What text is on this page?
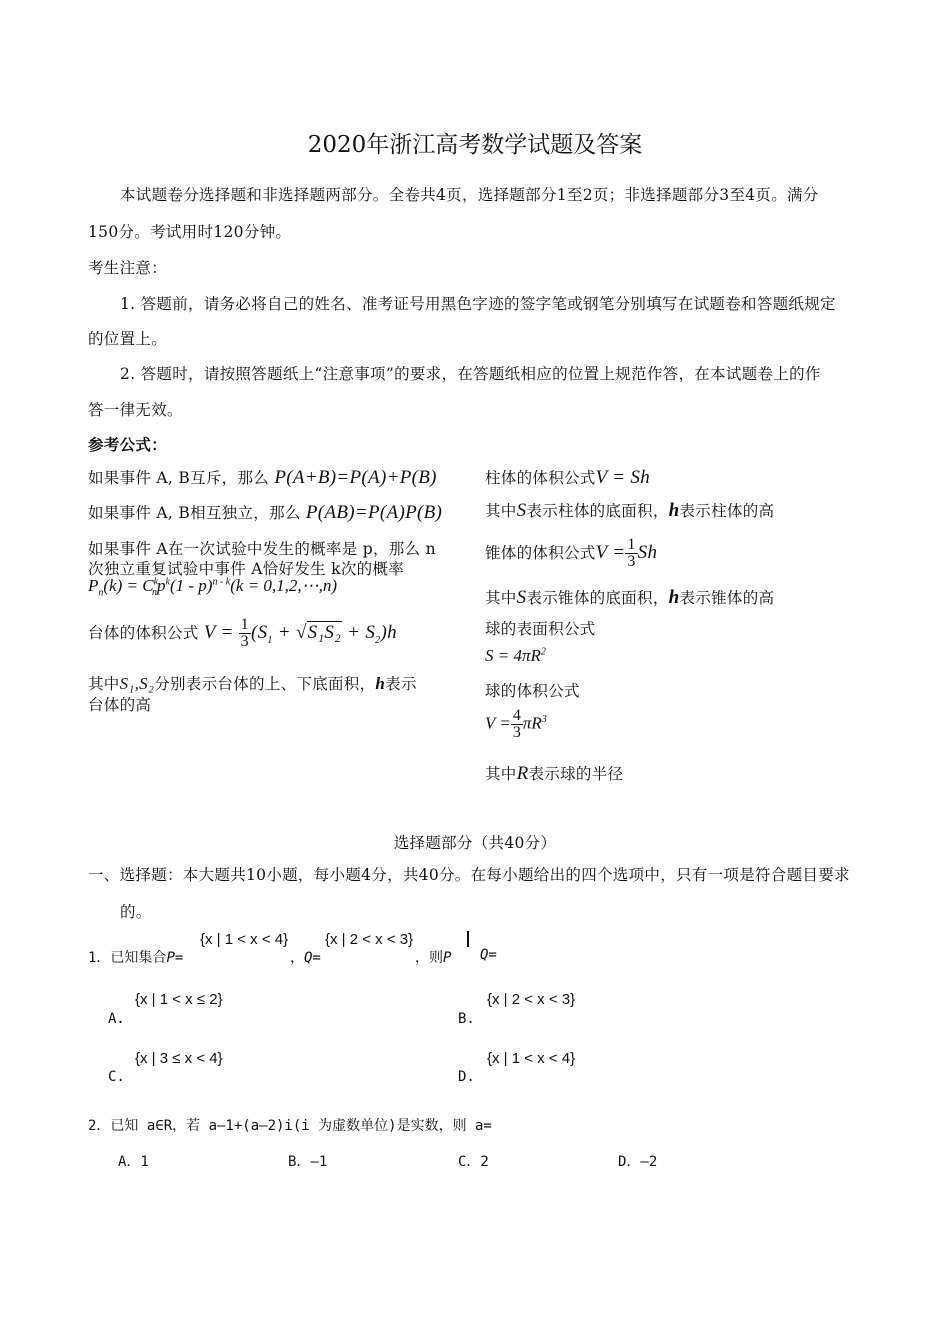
2020年浙江高考数学试题及答案
本试题卷分选择题和非选择题两部分。全卷共4页，选择题部分1至2页；非选择题部分3至4页。满分
150分。考试用时120分钟。
考生注意：
1. 答题前，请务必将自己的姓名、准考证号用黑色字迹的签字笔或钢笔分别填写在试题卷和答题纸规定
的位置上。
2. 答题时，请按照答题纸上“注意事项”的要求，在答题纸相应的位置上规范作答，在本试题卷上的作
答一律无效。
参考公式：
如果事件 A, B互斥，那么 P(A+B)=P(A)+P(B)
如果事件 A, B相互独立，那么 P(AB)=P(A)P(B)
如果事件 A在一次试验中发生的概率是 p，那么 n
次独立重复试验中事件 A恰好发生 k次的概率
$P_n(k) = C^k_np^k(1 - p)^{n - k}(k$ = 0,1,2,⋯,n)
台体的体积公式 $V = \frac{1}{3} (S_1 + √S_1S_2 + S_2)h$
其中S₁,S₂分别表示台体的上、下底面积，h表示
台体的高
柱体的体积公式V = Sh
其中S表示柱体的底面积，h表示柱体的高
锥体的体积公式$V = \frac{1}{3}$ Sh
其中S表示锥体的底面积，h表示锥体的高
球的表面积公式
$S = 4\pi R^2$
球的体积公式
$V = \frac{4}{3} \pi R^3$
其中R表示球的半径
选择题部分（共40分）
一、选择题：本大题共10小题，每小题4分，共40分。在每小题给出的四个选项中，只有一项是符合题目要求
的。
1．已知集合P=
{x | 1 < x < 4}
，Q=
{x | 2 < x < 3}
，则P Q=
A.
{x | 1 < x ≤ 2}
B.
{x | 2 < x < 3}
C.
{x | 3 ≤ x < 4}
D.
{x | 1 < x < 4}
2．已知 a∈R，若 a–1+(a–2)i(i 为虚数单位)是实数，则 a=
A．1	B．–1	C．2	D．–2
